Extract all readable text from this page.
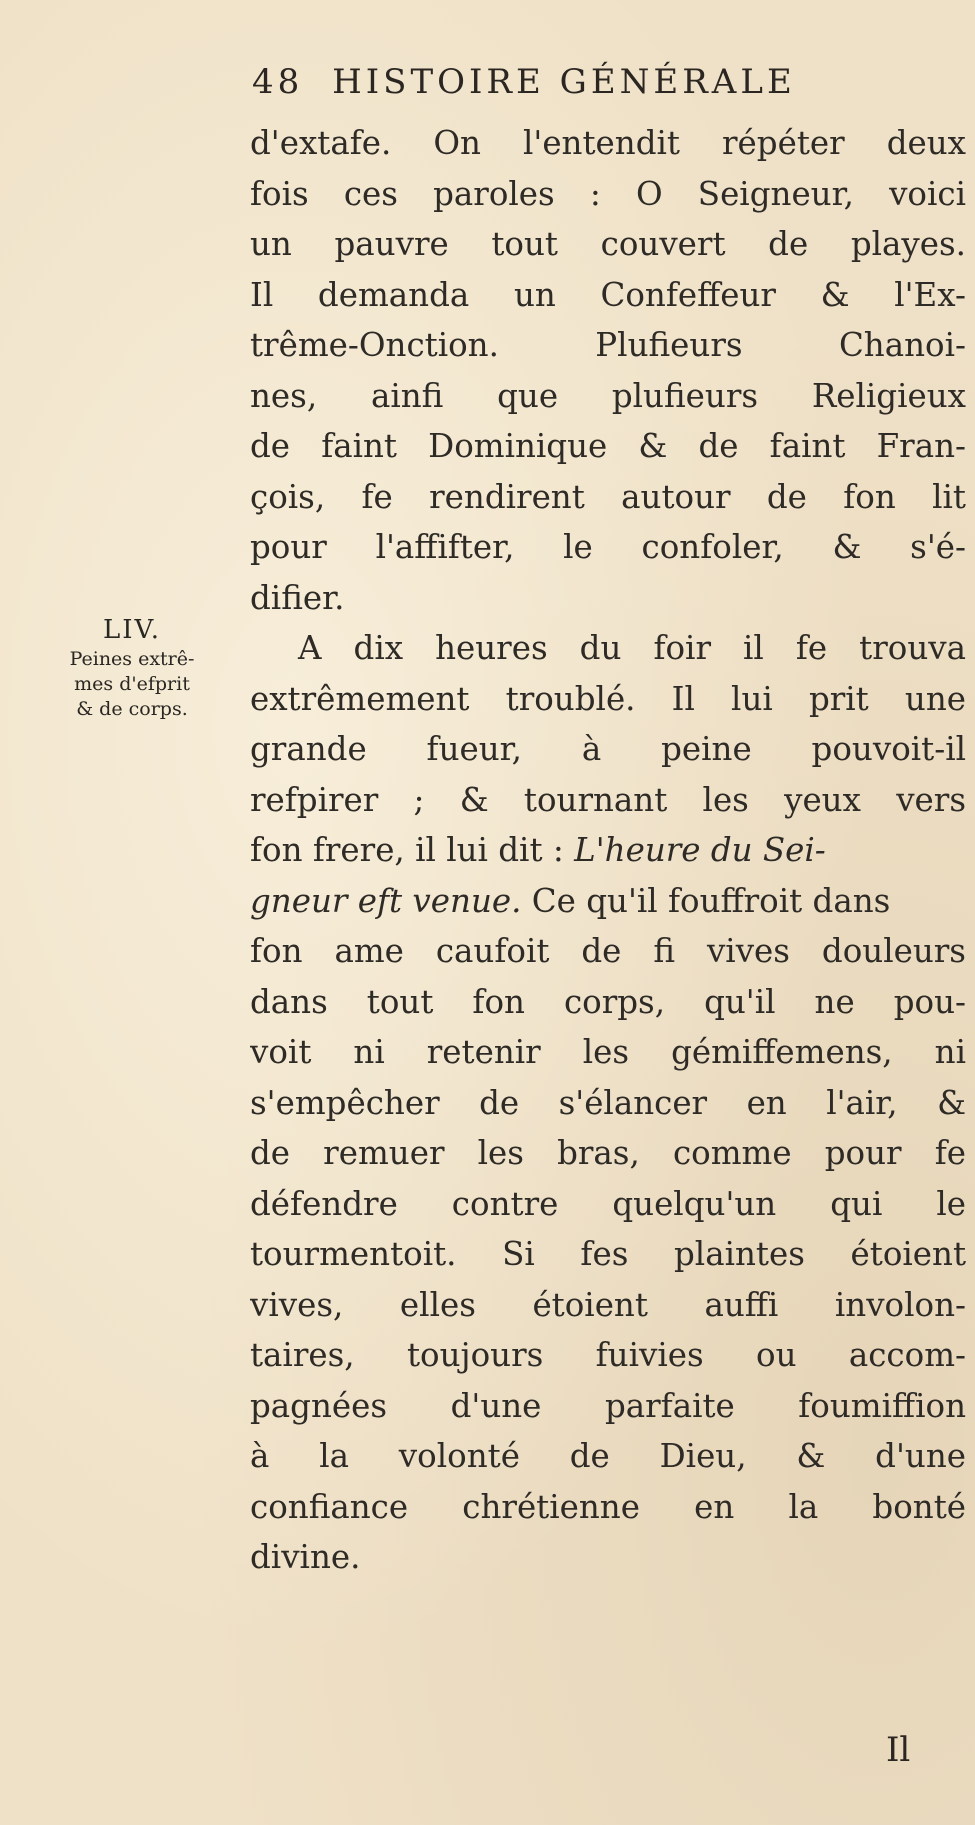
48 HISTOIRE GÉNÉRALE
LIV.
Peines extrê-
mes d'efprit
& de corps.
d'extafe. On l'entendit répéter deux
fois ces paroles : O Seigneur, voici
un pauvre tout couvert de playes.
Il demanda un Confeffeur & l'Ex-
trême-Onction. Plufieurs Chanoi-
nes, ainfi que plufieurs Religieux
de faint Dominique & de faint Fran-
çois, fe rendirent autour de fon lit
pour l'affifter, le confoler, & s'é-
difier.
A dix heures du foir il fe trouva
extrêmement troublé. Il lui prit une
grande fueur, à peine pouvoit-il
refpirer ; & tournant les yeux vers
fon frere, il lui dit : L'heure du Sei-
gneur eft venue. Ce qu'il fouffroit dans
fon ame caufoit de fi vives douleurs
dans tout fon corps, qu'il ne pou-
voit ni retenir les gémiffemens, ni
s'empêcher de s'élancer en l'air, &
de remuer les bras, comme pour fe
défendre contre quelqu'un qui le
tourmentoit. Si fes plaintes étoient
vives, elles étoient auffi involon-
taires, toujours fuivies ou accom-
pagnées d'une parfaite foumiffion
à la volonté de Dieu, & d'une
confiance chrétienne en la bonté
divine.
Il
